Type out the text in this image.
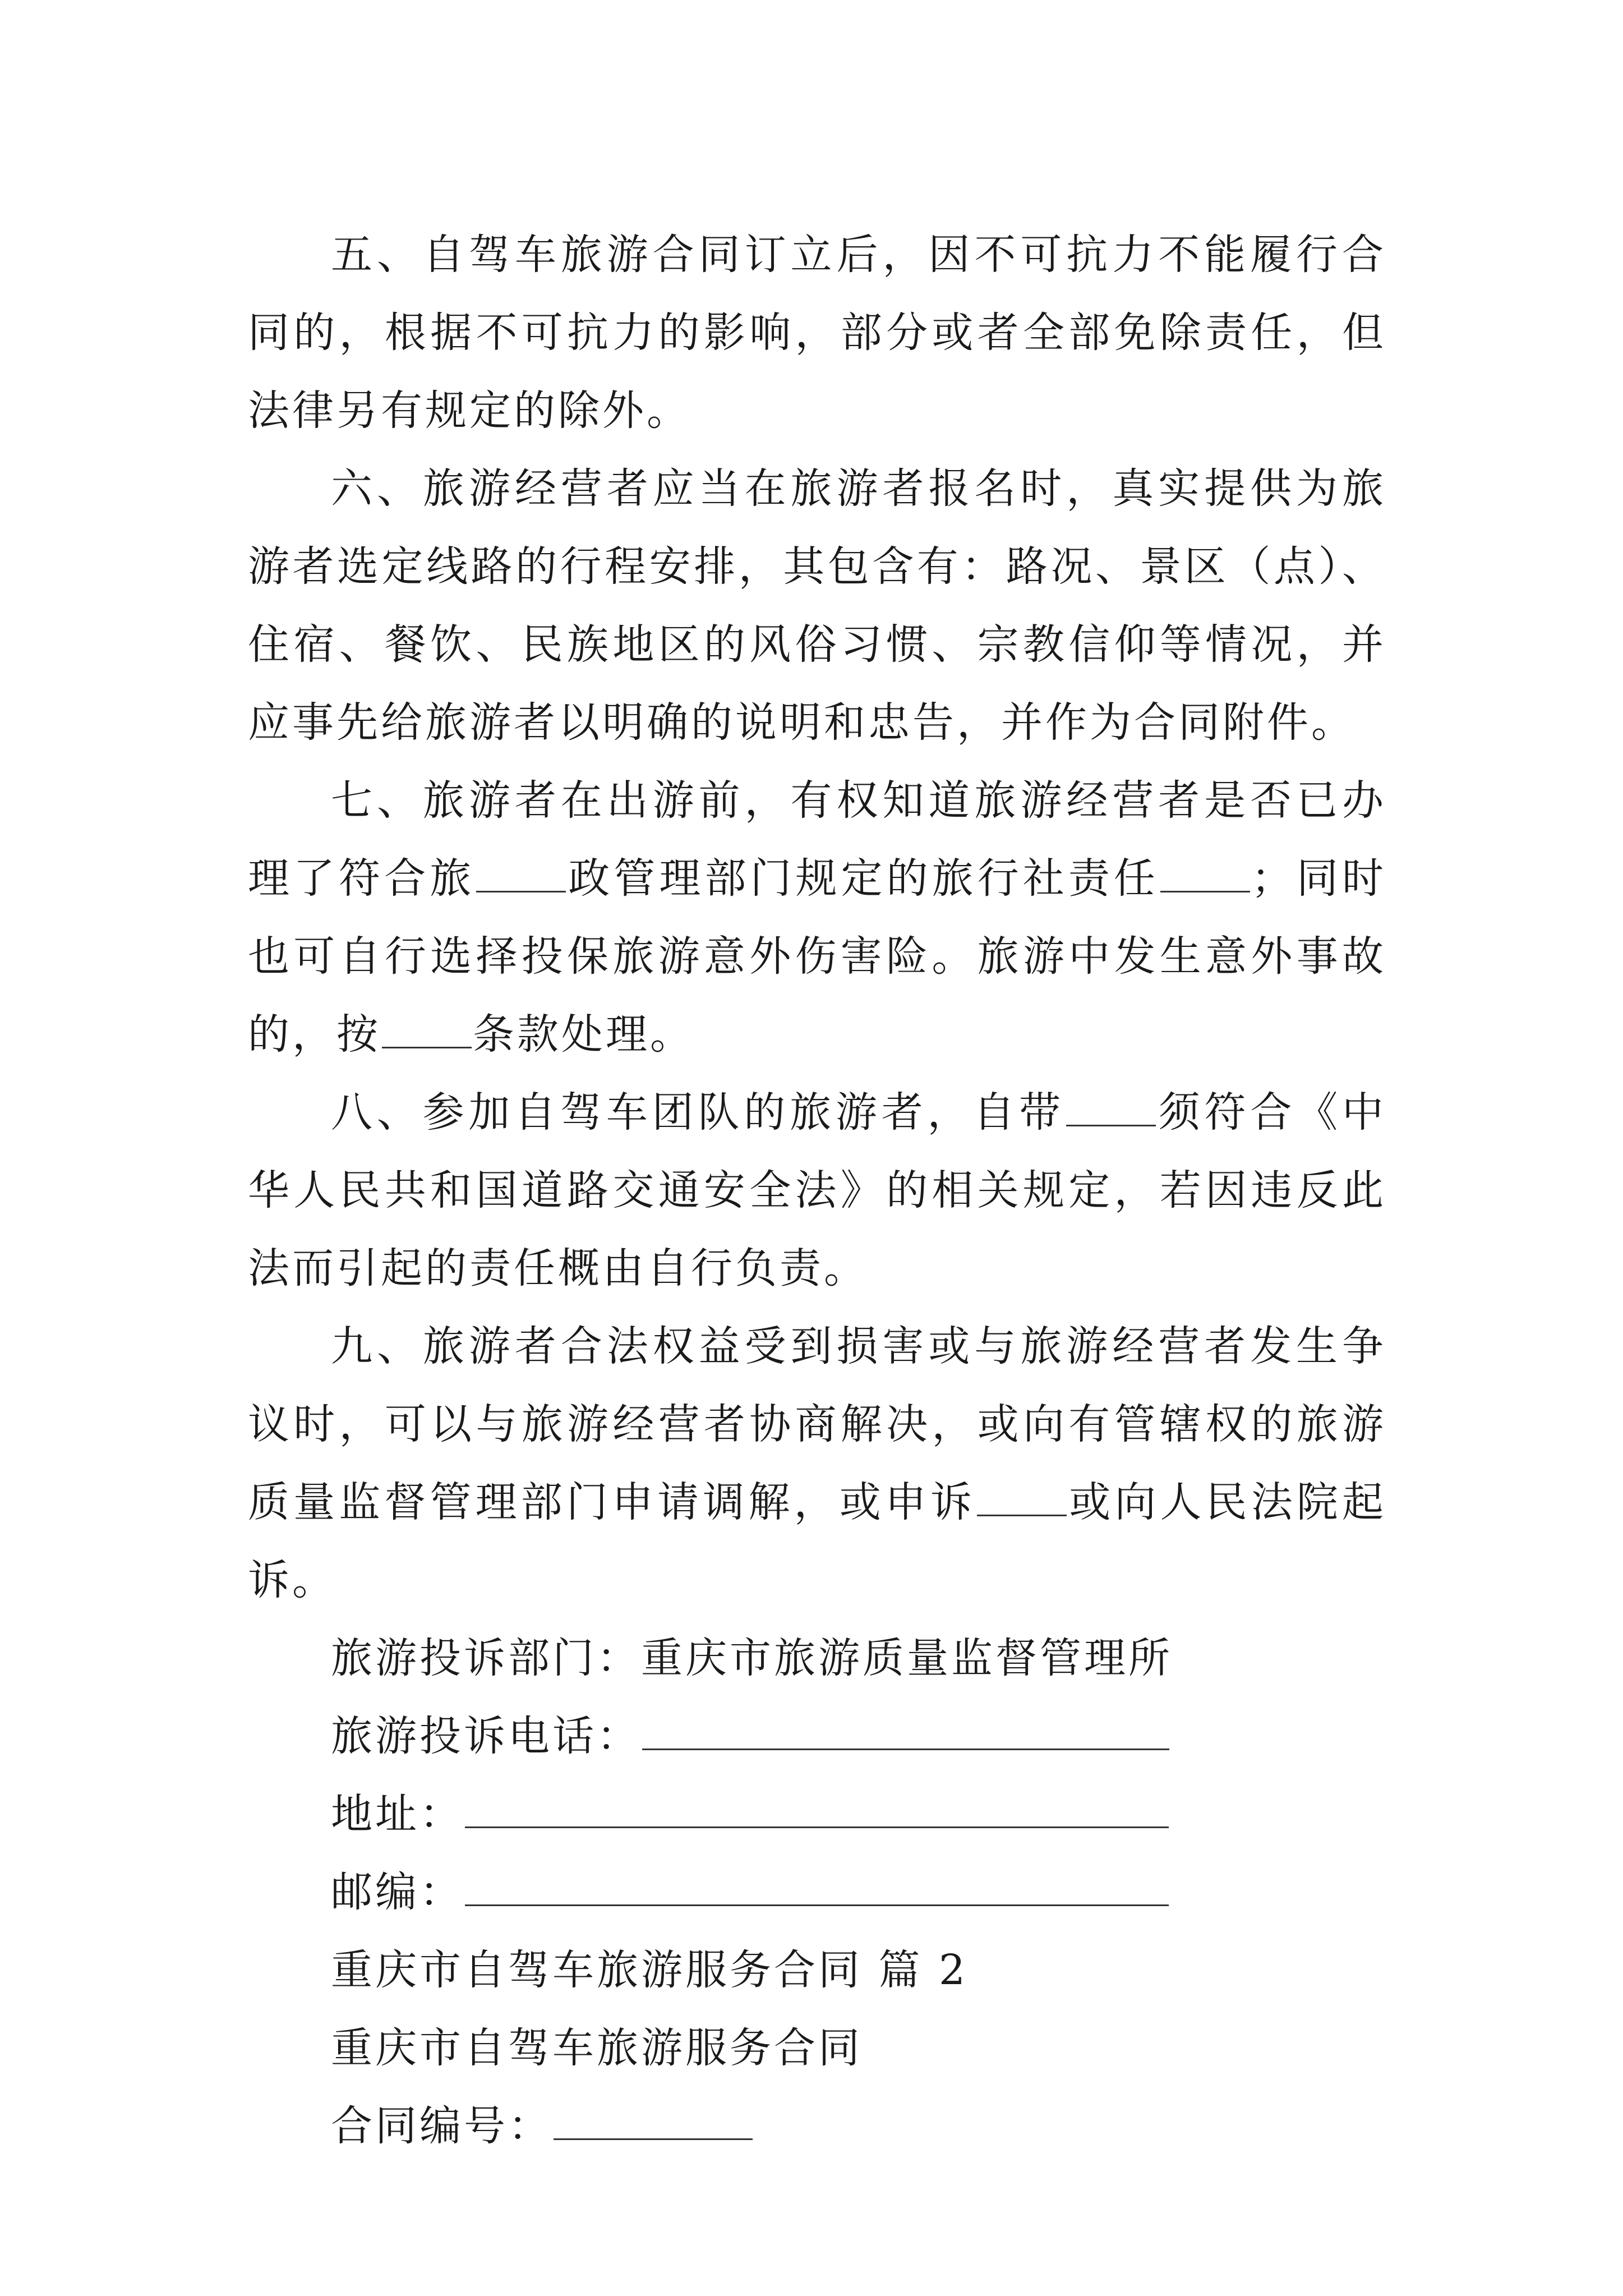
五、自驾车旅游合同订立后，因不可抗力不能履行合同的，根据不可抗力的影响，部分或者全部免除责任，但法律另有规定的除外。

六、旅游经营者应当在旅游者报名时，真实提供为旅游者选定线路的行程安排，其包含有：路况、景区（点）、住宿、餐饮、民族地区的风俗习惯、宗教信仰等情况，并应事先给旅游者以明确的说明和忠告，并作为合同附件。

七、旅游者在出游前，有权知道旅游经营者是否已办理了符合旅 政管理部门规定的旅行社责任 ；同时也可自行选择投保旅游意外伤害险。旅游中发生意外事故的，按 条款处理。

八、参加自驾车团队的旅游者，自带 须符合《中华人民共和国道路交通安全法》的相关规定，若因违反此法而引起的责任概由自行负责。

九、旅游者合法权益受到损害或与旅游经营者发生争议时，可以与旅游经营者协商解决，或向有管辖权的旅游质量监督管理部门申请调解，或申诉 或向人民法院起诉。

旅游投诉部门：重庆市旅游质量监督管理所

旅游投诉电话：

地址：

邮编：

重庆市自驾车旅游服务合同 篇 2

重庆市自驾车旅游服务合同

合同编号：
